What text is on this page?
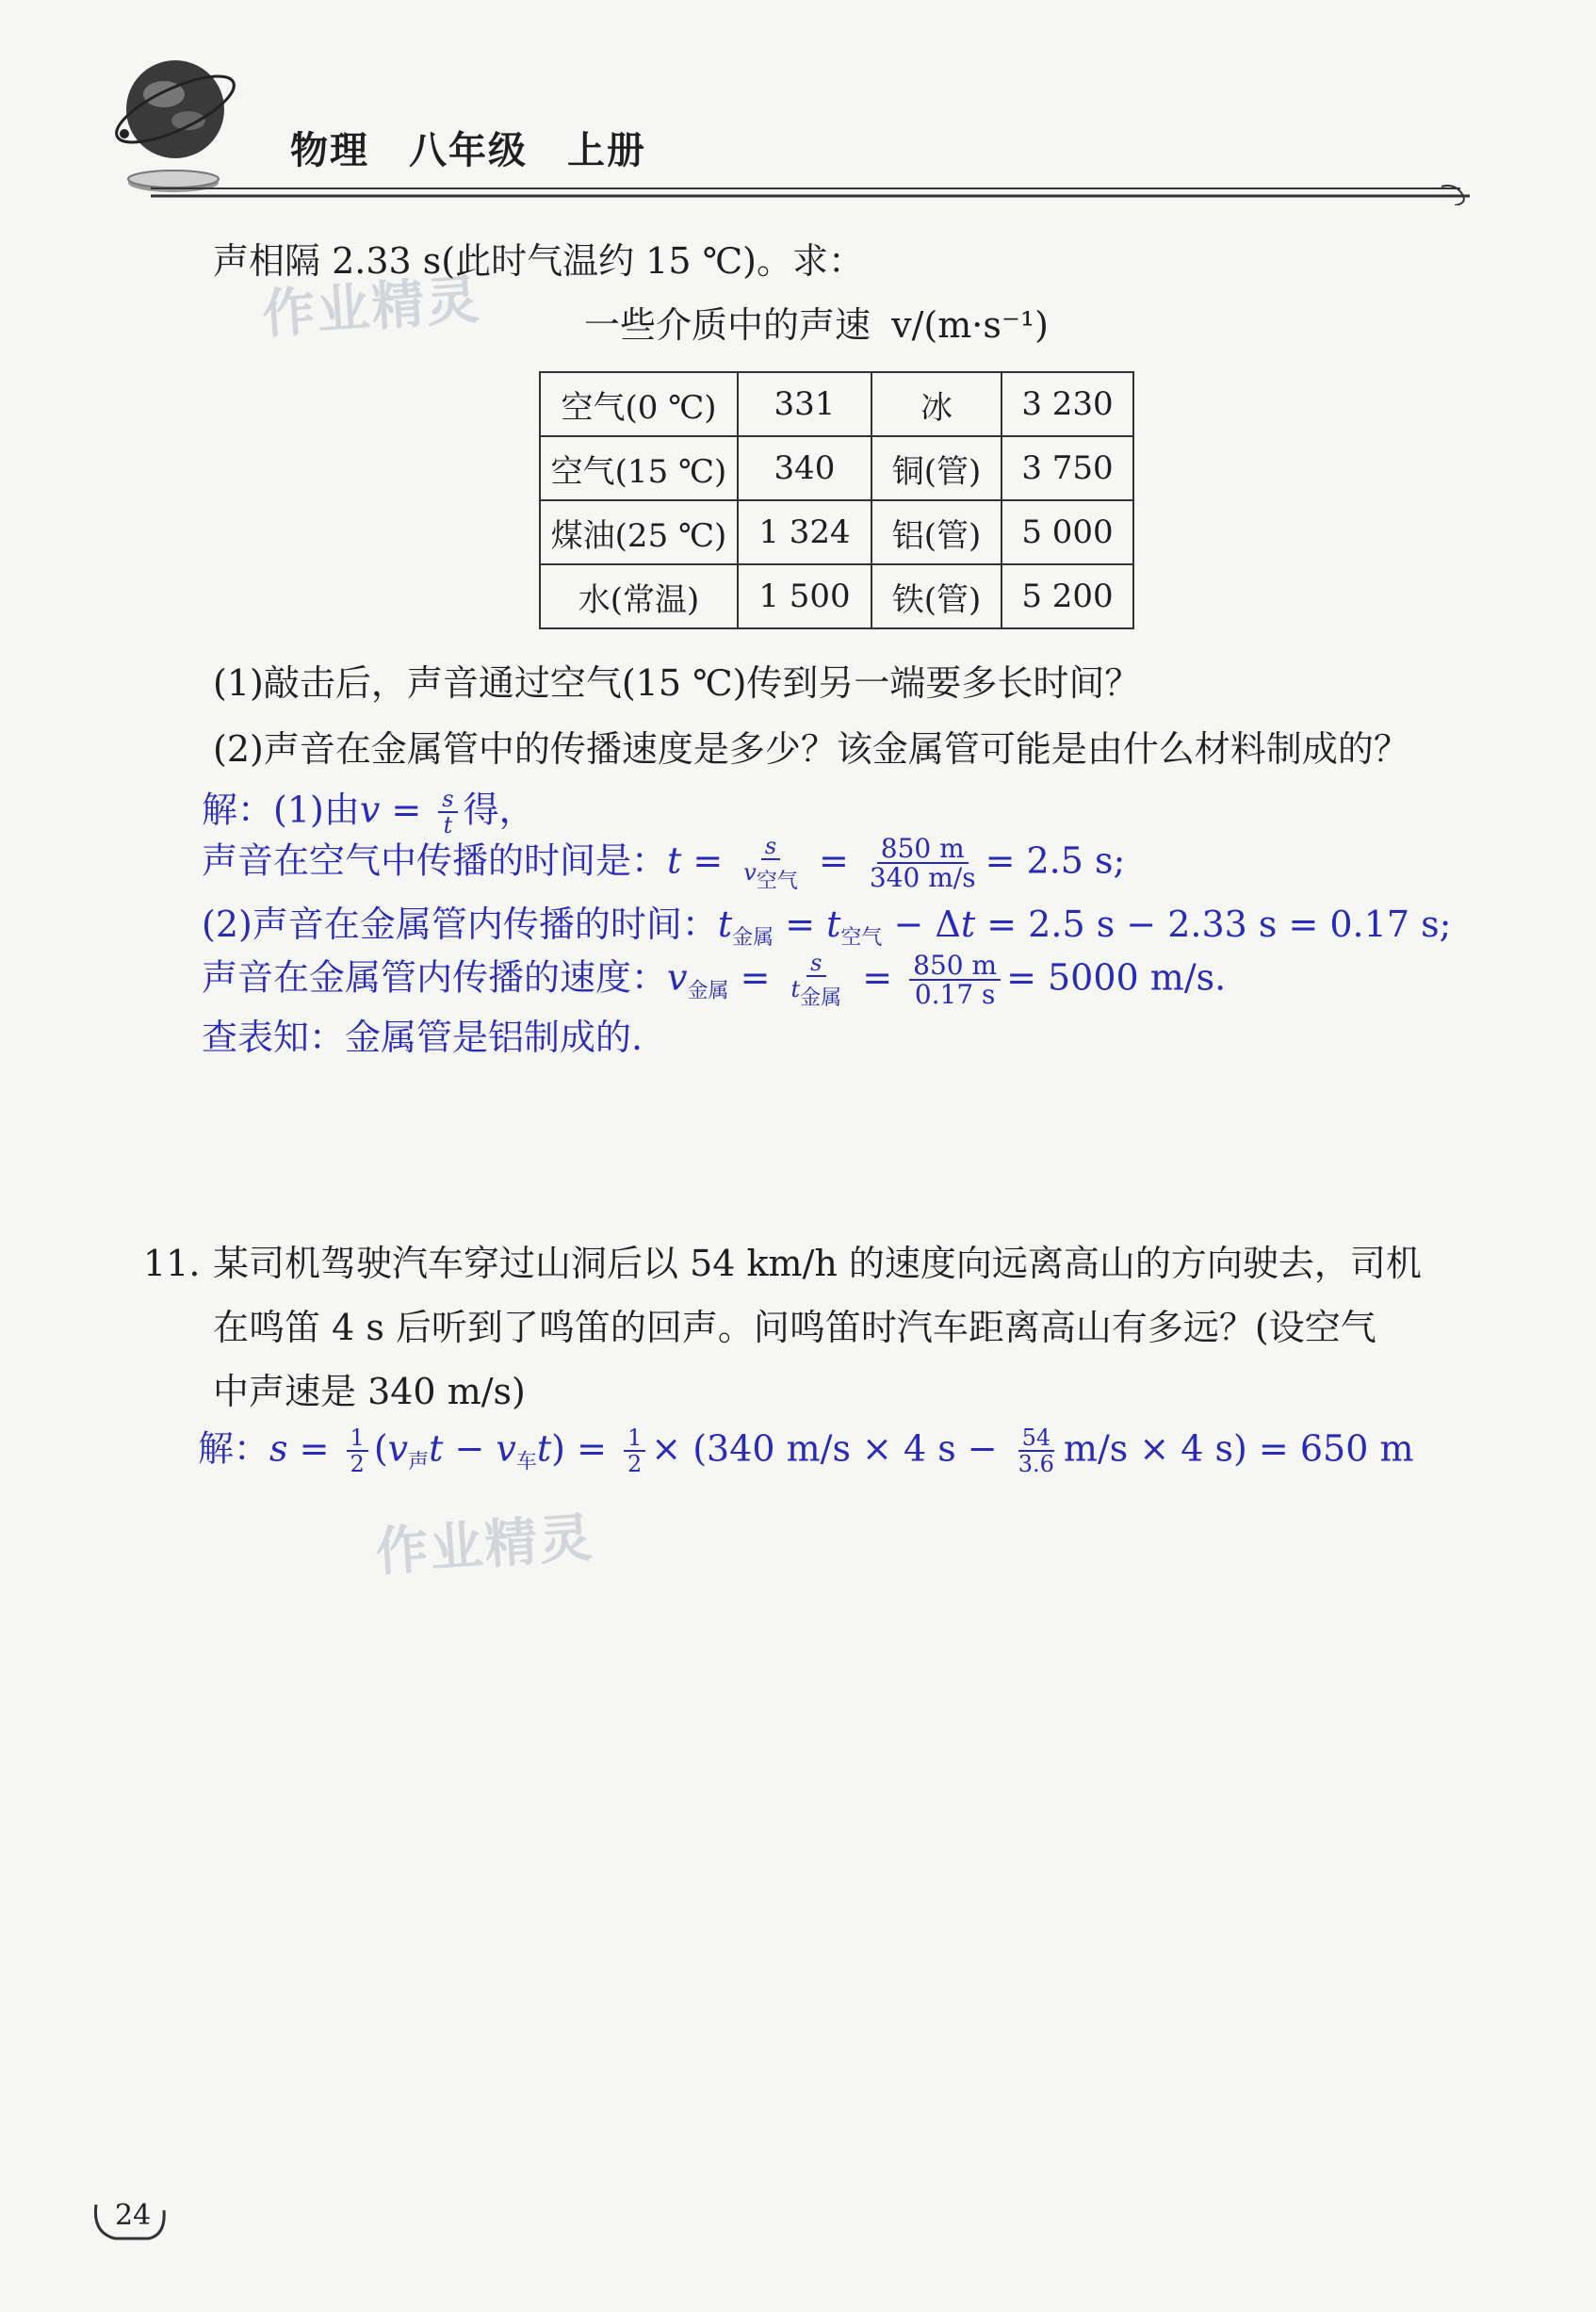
物理 八年级 上册
声相隔 2.33 s(此时气温约 15 ℃)。求：
一些介质中的声速 v/(m·s⁻¹)
空气(0 ℃)	331	冰	3 230
空气(15 ℃)	340	铜(管)	3 750
煤油(25 ℃)	1 324	铝(管)	5 000
水(常温)	1 500	铁(管)	5 200
(1)敲击后，声音通过空气(15 ℃)传到另一端要多长时间？
(2)声音在金属管中的传播速度是多少？该金属管可能是由什么材料制成的？
解：(1)由$v = \frac{s}{t}$ 得，
声音在空气中传播的时间是：$t = \frac{s}{\text{v空气}} = \frac{850 m}{340 m/s} = 2.5$ s;
(2)声音在金属管内传播的时间：$t_{金属} = t_{空气} - \Delta t = 2.5$ s − 2.33 s = 0.17 s;
声音在金属管内传播的速度：$v_{金属} = \frac{s}{\text{t金属}} = \frac{850 m}{0.17 s} = 5000$ m/s.
查表知：金属管是铝制成的.
11. 某司机驾驶汽车穿过山洞后以 54 km/h 的速度向远离高山的方向驶去，司机
在鸣笛 4 s 后听到了鸣笛的回声。问鸣笛时汽车距离高山有多远？(设空气
中声速是 340 m/s)
解：$s = \frac{1}{2} (v_声t - v_车t) = \frac{1}{2} \times (340$ m/s × 4 $s - \frac{54}{3.6} m/s \times 4$ s) = 650 m
作业精灵
作业精灵
24
